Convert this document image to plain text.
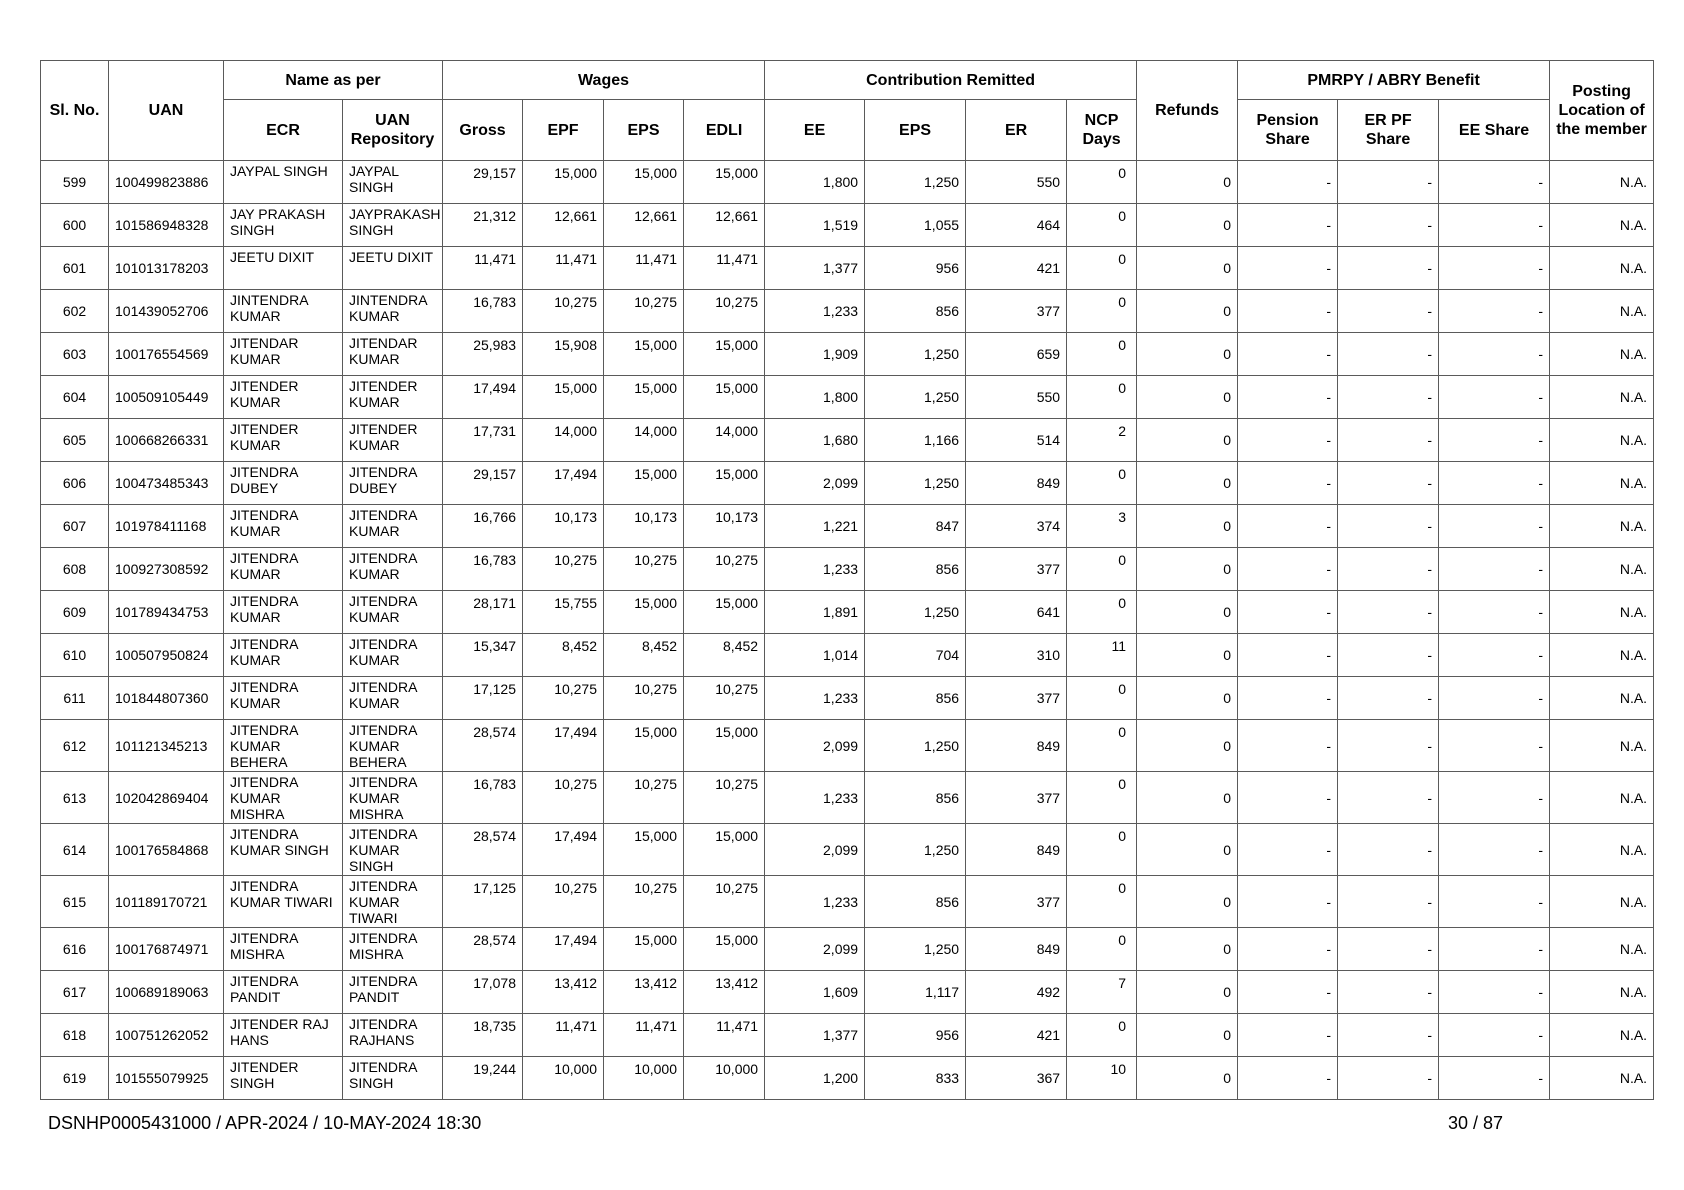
Sl. No.	UAN	Name as per		Wages				Contribution Remitted				Refunds	PMRPY / ABRY Benefit			Posting Location of the member
		ECR	UAN Repository	Gross	EPF	EPS	EDLI	EE	EPS	ER	NCP Days		Pension Share	ER PF Share	EE Share	
599	100499823886	JAYPAL SINGH	JAYPAL SINGH	29,157	15,000	15,000	15,000	1,800	1,250	550	0	0	-	-	-	N.A.
600	101586948328	JAY PRAKASH SINGH	JAYPRAKASH SINGH	21,312	12,661	12,661	12,661	1,519	1,055	464	0	0	-	-	-	N.A.
601	101013178203	JEETU DIXIT	JEETU DIXIT	11,471	11,471	11,471	11,471	1,377	956	421	0	0	-	-	-	N.A.
602	101439052706	JINTENDRA KUMAR	JINTENDRA KUMAR	16,783	10,275	10,275	10,275	1,233	856	377	0	0	-	-	-	N.A.
603	100176554569	JITENDAR KUMAR	JITENDAR KUMAR	25,983	15,908	15,000	15,000	1,909	1,250	659	0	0	-	-	-	N.A.
604	100509105449	JITENDER KUMAR	JITENDER KUMAR	17,494	15,000	15,000	15,000	1,800	1,250	550	0	0	-	-	-	N.A.
605	100668266331	JITENDER KUMAR	JITENDER KUMAR	17,731	14,000	14,000	14,000	1,680	1,166	514	2	0	-	-	-	N.A.
606	100473485343	JITENDRA DUBEY	JITENDRA DUBEY	29,157	17,494	15,000	15,000	2,099	1,250	849	0	0	-	-	-	N.A.
607	101978411168	JITENDRA KUMAR	JITENDRA KUMAR	16,766	10,173	10,173	10,173	1,221	847	374	3	0	-	-	-	N.A.
608	100927308592	JITENDRA KUMAR	JITENDRA KUMAR	16,783	10,275	10,275	10,275	1,233	856	377	0	0	-	-	-	N.A.
609	101789434753	JITENDRA KUMAR	JITENDRA KUMAR	28,171	15,755	15,000	15,000	1,891	1,250	641	0	0	-	-	-	N.A.
610	100507950824	JITENDRA KUMAR	JITENDRA KUMAR	15,347	8,452	8,452	8,452	1,014	704	310	11	0	-	-	-	N.A.
611	101844807360	JITENDRA KUMAR	JITENDRA KUMAR	17,125	10,275	10,275	10,275	1,233	856	377	0	0	-	-	-	N.A.
612	101121345213	JITENDRA KUMAR BEHERA	JITENDRA KUMAR BEHERA	28,574	17,494	15,000	15,000	2,099	1,250	849	0	0	-	-	-	N.A.
613	102042869404	JITENDRA KUMAR MISHRA	JITENDRA KUMAR MISHRA	16,783	10,275	10,275	10,275	1,233	856	377	0	0	-	-	-	N.A.
614	100176584868	JITENDRA KUMAR SINGH	JITENDRA KUMAR SINGH	28,574	17,494	15,000	15,000	2,099	1,250	849	0	0	-	-	-	N.A.
615	101189170721	JITENDRA KUMAR TIWARI	JITENDRA KUMAR TIWARI	17,125	10,275	10,275	10,275	1,233	856	377	0	0	-	-	-	N.A.
616	100176874971	JITENDRA MISHRA	JITENDRA MISHRA	28,574	17,494	15,000	15,000	2,099	1,250	849	0	0	-	-	-	N.A.
617	100689189063	JITENDRA PANDIT	JITENDRA PANDIT	17,078	13,412	13,412	13,412	1,609	1,117	492	7	0	-	-	-	N.A.
618	100751262052	JITENDER RAJ HANS	JITENDRA RAJHANS	18,735	11,471	11,471	11,471	1,377	956	421	0	0	-	-	-	N.A.
619	101555079925	JITENDER SINGH	JITENDRA SINGH	19,244	10,000	10,000	10,000	1,200	833	367	10	0	-	-	-	N.A.
DSNHP0005431000 / APR-2024 / 10-MAY-2024 18:30	30 / 87
